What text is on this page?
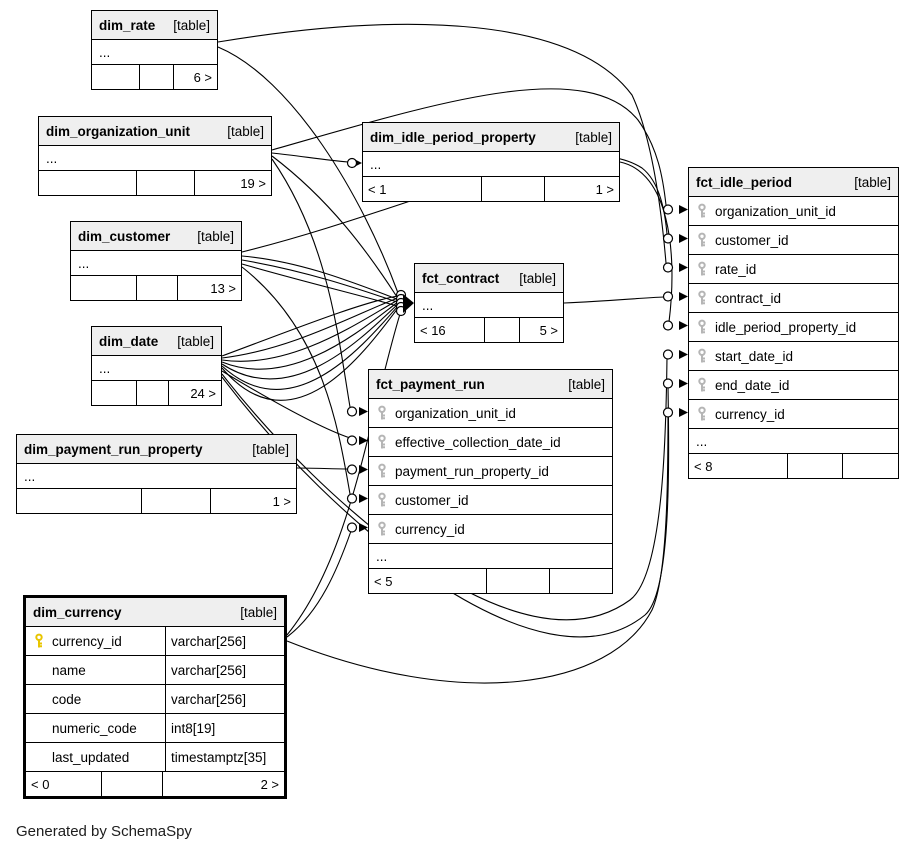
dim_rate [table]
...
6 >
dim_organization_unit	[table]
...
19 >
dim_customer [table]
...
13 >
dim_date [table]
...
24 >
dim_payment_run_property	[table]
...
1 >
dim_currency	[table]
currency_id	varchar[256]
name	varchar[256]
code	varchar[256]
numeric_code	int8[19]
last_updated	timestamptz[35]
< 0	2 >
dim_idle_period_property	[table]
...
< 1	1 >
fct_contract [table]
...
< 16	5 >
fct_payment_run	[table]
organization_unit_id
effective_collection_date_id
payment_run_property_id
customer_id
currency_id
...
< 5
fct_idle_period	[table]
organization_unit_id
customer_id
rate_id
contract_id
idle_period_property_id
start_date_id
end_date_id
currency_id
...
< 8
Generated by SchemaSpy
